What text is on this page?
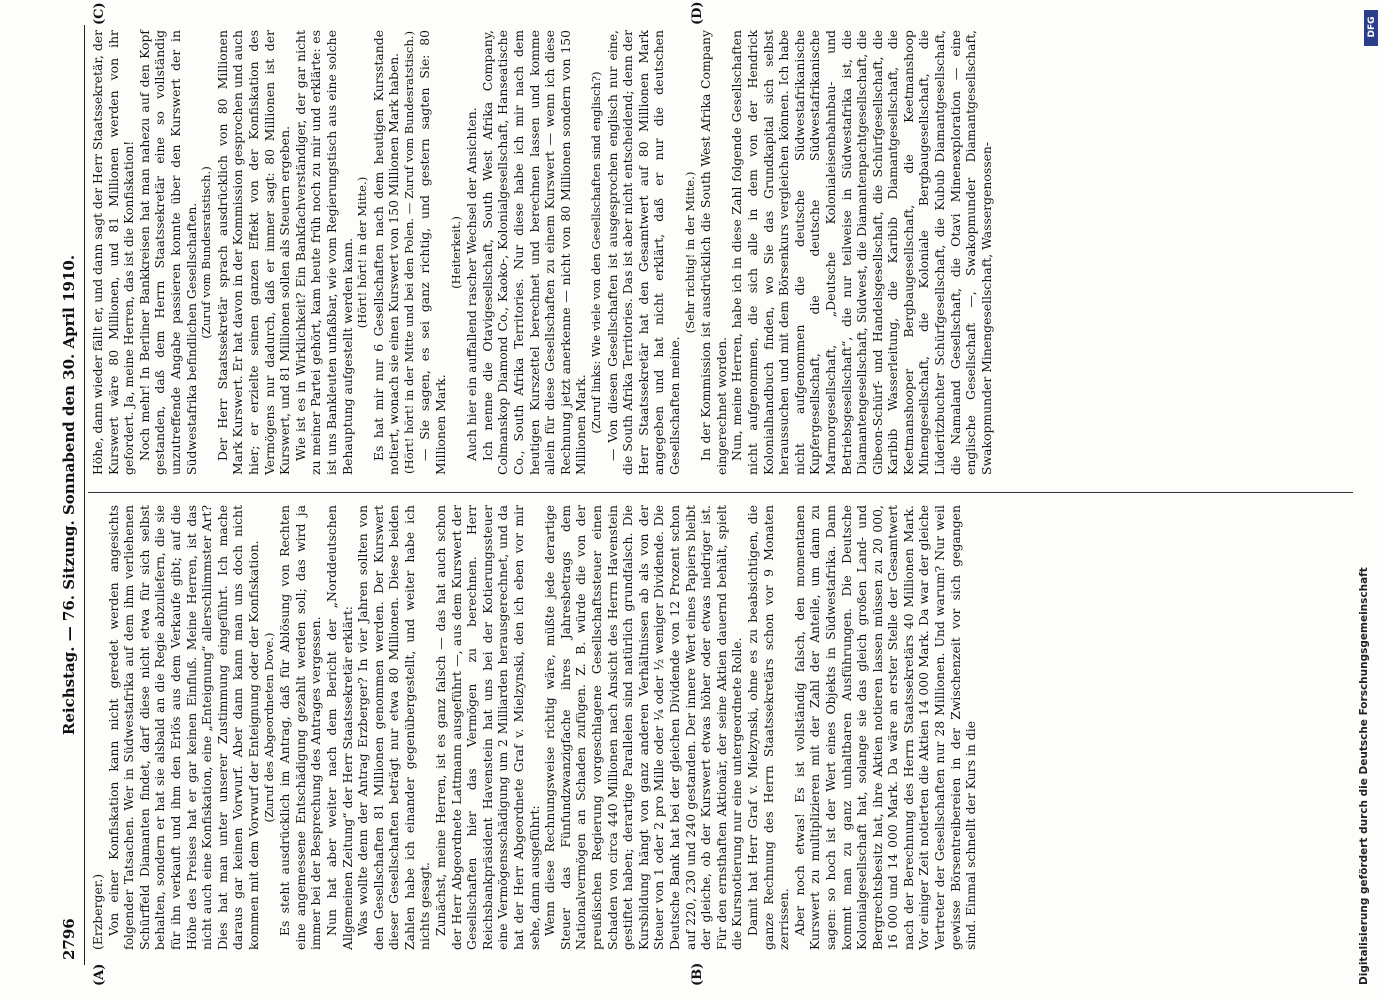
2796
Reichstag. — 76. Sitzung. Sonnabend den 30. April 1910.
(A)	(B)
(C)	(D)

(Erzberger.) Von einer Konfiskation kann nicht geredet werden angesichts folgender Tatsachen. Wer in Südwestafrika auf dem ihm verliehenen Schürffeld Diamanten findet, darf diese nicht etwa für sich selbst behalten, sondern er hat sie alsbald an die Regie abzuliefern, die sie für ihn verkauft und ihm den Erlös aus dem Verkaufe gibt; auf die Höhe des Preises hat er gar keinen Einfluß. Meine Herren, ist das nicht auch eine Konfiskation, eine „Enteignung“ allerschlimmster Art? Dies hat man unter unserer Zustimmung eingeführt. Ich mache daraus gar keinen Vorwurf. Aber dann kann man uns doch nicht kommen mit dem Vorwurf der Enteignung oder der Konfiskation. (Zuruf des Abgeordneten Dove.) Es steht ausdrücklich im Antrag, daß für Ablösung von Rechten eine angemessene Entschädigung gezahlt werden soll; das wird ja immer bei der Besprechung des Antrages vergessen. Nun hat aber weiter nach dem Bericht der „Norddeutschen Allgemeinen Zeitung“ der Herr Staatssekretär erklärt: Was wollte denn der Antrag Erzberger? In vier Jahren sollten von den Gesellschaften 81 Millionen genommen werden. Der Kurswert dieser Gesellschaften beträgt nur etwa 80 Millionen. Diese beiden Zahlen habe ich einander gegenübergestellt, und weiter habe ich nichts gesagt. Zunächst, meine Herren, ist es ganz falsch — das hat auch schon der Herr Abgeordnete Lattmann ausgeführt —, aus dem Kurswert der Gesellschaften hier das Vermögen zu berechnen. Herr Reichsbankpräsident Havenstein hat uns bei der Kotierungssteuer eine Vermögensschädigung um 2 Milliarden herausgerechnet, und da hat der Herr Abgeordnete Graf v. Mielzynski, den ich eben vor mir sehe, dann ausgeführt: Wenn diese Rechnungsweise richtig wäre, müßte jede derartige Steuer das Fünfundzwanzigfache ihres Jahresbetrags dem Nationalvermögen an Schaden zufügen. Z. B. würde die von der preußischen Regierung vorgeschlagene Gesellschaftssteuer einen Schaden von circa 440 Millionen nach Ansicht des Herrn Havenstein gestiftet haben; derartige Parallelen sind natürlich grundfalsch. Die Kursbildung hängt von ganz anderen Verhältnissen ab als von der Steuer von 1 oder 2 pro Mille oder ¼ oder ½ weniger Dividende. Die Deutsche Bank hat bei der gleichen Dividende von 12 Prozent schon auf 220, 230 und 240 gestanden. Der innere Wert eines Papiers bleibt der gleiche, ob der Kurswert etwas höher oder etwas niedriger ist. Für den ernsthaften Aktionär, der seine Aktien dauernd behält, spielt die Kursnotierung nur eine untergeordnete Rolle. Damit hat Herr Graf v. Mielzynski, ohne es zu beabsichtigen, die ganze Rechnung des Herrn Staatssekretärs schon vor 9 Monaten zerrissen. Aber noch etwas! Es ist vollständig falsch, den momentanen Kurswert zu multiplizieren mit der Zahl der Anteile, um dann zu sagen: so hoch ist der Wert eines Objekts in Südwestafrika. Dann kommt man zu ganz unhaltbaren Ausführungen. Die Deutsche Kolonialgesellschaft hat, solange sie das gleich großen Land- und Bergrechtsbesitz hat, ihre Aktien notieren lassen müssen zu 20 000, 16 000 und 14 000 Mark. Da wäre an erster Stelle der Gesamtwert nach der Berechnung des Herrn Staatssekretärs 40 Millionen Mark. Vor einiger Zeit notierten die Aktien 14 000 Mark. Da war der gleiche Vertreter der Gesellschaften nur 28 Millionen. Und warum? Nur weil gewisse Börsentreibereien in der Zwischenzeit vor sich gegangen sind. Einmal schnellt der Kurs in die

Höhe, dann wieder fällt er, und dann sagt der Herr Staatssekretär, der Kurswert wäre 80 Millionen, und 81 Millionen werden von ihr gefordert. Ja, meine Herren, das ist die Konfiskation! Noch mehr! In Berliner Bankkreisen hat man nahezu auf den Kopf gestanden, daß dem Herrn Staatssekretär eine so vollständig unzutreffende Angabe passieren konnte über den Kurswert der in Südwestafrika befindlichen Gesellschaften. (Zuruf vom Bundesratstisch.) Der Herr Staatssekretär sprach ausdrücklich von 80 Millionen Mark Kurswert. Er hat davon in der Kommission gesprochen und auch hier; er erzielte seinen ganzen Effekt von der Konfiskation des Vermögens nur dadurch, daß er immer sagt: 80 Millionen ist der Kurswert, und 81 Millionen sollen als Steuern ergeben. Wie ist es in Wirklichkeit? Ein Bankfachverständiger, der gar nicht zu meiner Partei gehört, kam heute früh noch zu mir und erklärte: es ist uns Bankleuten unfaßbar, wie vom Regierungstisch aus eine solche Behauptung aufgestellt werden kann. (Hört! hört! in der Mitte.) Es hat mir nur 6 Gesellschaften nach dem heutigen Kursstande notiert, wonach sie einen Kurswert von 150 Millionen Mark haben. (Hört! hört! in der Mitte und bei den Polen. — Zuruf vom Bundesratstisch.) — Sie sagen, es sei ganz richtig, und gestern sagten Sie: 80 Millionen Mark.

(Heiterkeit.) Auch hier ein auffallend rascher Wechsel der Ansichten. Ich nenne die Otavigesellschaft, South West Afrika Company, Colmanskop Diamond Co., Kaoko-, Kolonialgesellschaft, Hanseatische Co., South Afrika Territories. Nur diese habe ich mir nach dem heutigen Kurszettel berechnet und berechnen lassen und komme allein für diese Gesellschaften zu einem Kurswert — wenn ich diese Rechnung jetzt anerkenne — nicht von 80 Millionen sondern von 150 Millionen Mark. (Zuruf links: Wie viele von den Gesellschaften sind englisch?) — Von diesen Gesellschaften ist ausgesprochen englisch nur eine, die South Afrika Territories. Das ist aber nicht entscheidend; denn der Herr Staatssekretär hat den Gesamtwert auf 80 Millionen Mark angegeben und hat nicht erklärt, daß er nur die deutschen Gesellschaften meine.

(Sehr richtig! in der Mitte.) In der Kommission ist ausdrücklich die South West Afrika Company eingerechnet worden. Nun, meine Herren, habe ich in diese Zahl folgende Gesellschaften nicht aufgenommen, die sich alle in dem von der Hendrick Kolonialhandbuch finden, wo Sie das Grundkapital sich selbst heraussuchen und mit dem Börsenkurs vergleichen können. Ich habe nicht aufgenommen die deutsche Südwestafrikanische Kupfergesellschaft, die deutsche Südwestafrikanische Marmorgesellschaft, „Deutsche Kolonialeisenbahnbau- und Betriebsgesellschaft“, die nur teilweise in Südwestafrika ist, die Diamantengesellschaft, Südwest, die Diamantenpachtgesellschaft, die Gibeon-Schürf- und Handelsgesellschaft, die Schürfgesellschaft, die Karibib Wasserleitung, die Karibib Diamantgesellschaft, die Keetmanshooper Bergbaugesellschaft, die Keetmanshoop Minengesellschaft, die Koloniale Bergbaugesellschaft, die Lüderitzbuchter Schürfgesellschaft, die Kubub Diamantgesellschaft, die Namaland Gesellschaft, die Otavi Minenexploration — eine englische Gesellschaft —, Swakopmunder Diamantgesellschaft, Swakopmunder Minengesellschaft, Wassergenossen-

Digitalisierung gefördert durch die Deutsche Forschungsgemeinschaft
DFG
